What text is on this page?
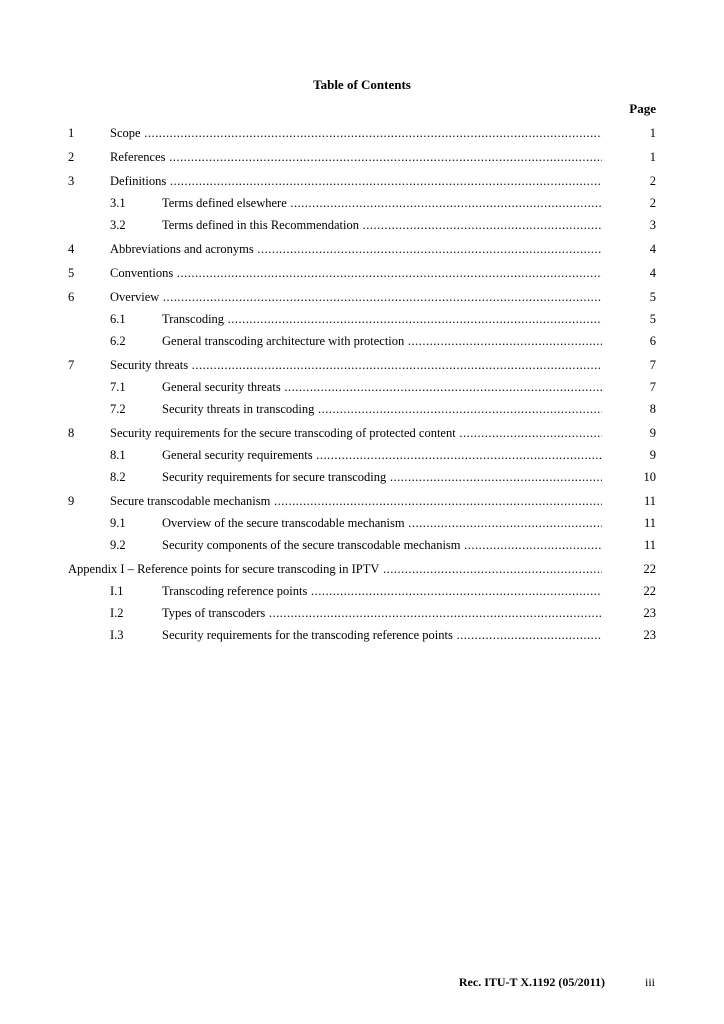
Table of Contents
Page
1	Scope .....	1
2	References .....	1
3	Definitions .....	2
3.1	Terms defined elsewhere .....	2
3.2	Terms defined in this Recommendation .....	3
4	Abbreviations and acronyms .....	4
5	Conventions .....	4
6	Overview .....	5
6.1	Transcoding .....	5
6.2	General transcoding architecture with protection .....	6
7	Security threats .....	7
7.1	General security threats .....	7
7.2	Security threats in transcoding .....	8
8	Security requirements for the secure transcoding of protected content .....	9
8.1	General security requirements .....	9
8.2	Security requirements for secure transcoding .....	10
9	Secure transcodable mechanism .....	11
9.1	Overview of the secure transcodable mechanism .....	11
9.2	Security components of the secure transcodable mechanism .....	11
Appendix I – Reference points for secure transcoding in IPTV .....	22
I.1	Transcoding reference points .....	22
I.2	Types of transcoders .....	23
I.3	Security requirements for the transcoding reference points .....	23
Rec. ITU-T X.1192 (05/2011)	iii
